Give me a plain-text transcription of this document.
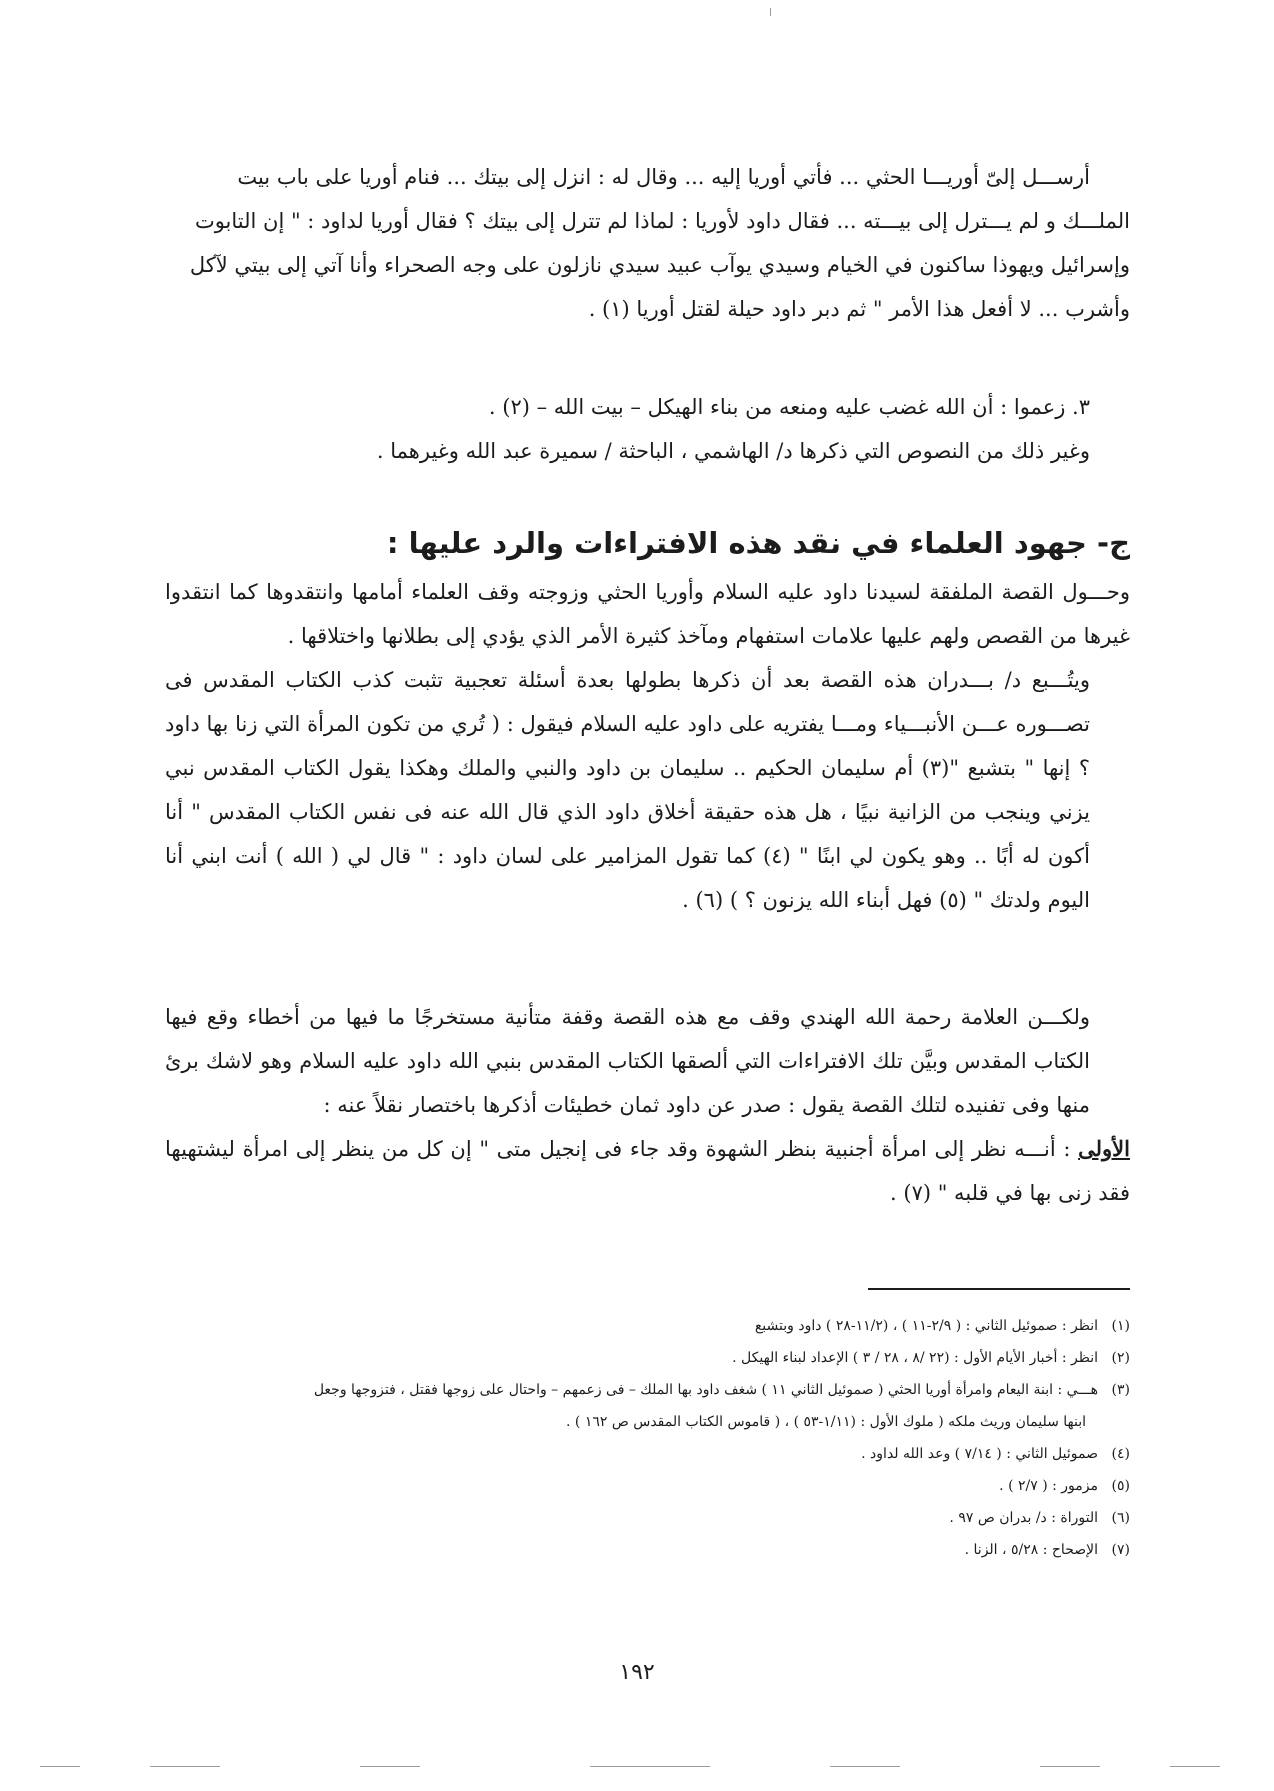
أرســـل إلىّ أوريـــا الحثي ... فأتي أوريا إليه ... وقال له : انزل إلى بيتك ... فنام أوريا على باب بيت

الملـــك و لم يـــترل إلى بيـــته ... فقال داود لأوريا : لماذا لم تترل إلى بيتك ؟ فقال أوريا لداود : " إن التابوت

وإسرائيل ويهوذا ساكنون في الخيام وسيدي يوآب عبيد سيدي نازلون على وجه الصحراء وأنا آتي إلى بيتي لآكل

وأشرب ... لا أفعل هذا الأمر " ثم دبر داود حيلة لقتل أوريا (١) .

٣. زعموا : أن الله غضب عليه ومنعه من بناء الهيكل – بيت الله – (٢) .

وغير ذلك من النصوص التي ذكرها د/ الهاشمي ، الباحثة / سميرة عبد الله وغيرهما .

ج- جهود العلماء في نقد هذه الافتراءات والرد عليها :

وحـــول القصة الملفقة لسيدنا داود عليه السلام وأوريا الحثي وزوجته وقف العلماء أمامها وانتقدوها كما انتقدوا غيرها من القصص ولهم عليها علامات استفهام ومآخذ كثيرة الأمر الذي يؤدي إلى بطلانها واختلاقها .

ويتُـــبع د/ بـــدران هذه القصة بعد أن ذكرها بطولها بعدة أسئلة تعجبية تثبت كذب الكتاب المقدس فى تصـــوره عـــن الأنبـــياء ومـــا يفتريه على داود عليه السلام فيقول : ( تُري من تكون المرأة التي زنا بها داود ؟ إنها " بتشبع "(٣) أم سليمان الحكيم .. سليمان بن داود والنبي والملك وهكذا يقول الكتاب المقدس نبي يزني وينجب من الزانية نبيًا ، هل هذه حقيقة أخلاق داود الذي قال الله عنه فى نفس الكتاب المقدس " أنا أكون له أبًا .. وهو يكون لي ابنًا " (٤) كما تقول المزامير على لسان داود : " قال لي ( الله ) أنت ابني أنا اليوم ولدتك " (٥) فهل أبناء الله يزنون ؟ ) (٦) .

ولكـــن العلامة رحمة الله الهندي وقف مع هذه القصة وقفة متأنية مستخرجًا ما فيها من أخطاء وقع فيها الكتاب المقدس وبيَّن تلك الافتراءات التي ألصقها الكتاب المقدس بنبي الله داود عليه السلام وهو لاشك برئ منها وفى تفنيده لتلك القصة يقول : صدر عن داود ثمان خطيئات أذكرها باختصار نقلاً عنه :

الأولى : أنـــه نظر إلى امرأة أجنبية بنظر الشهوة وقد جاء فى إنجيل متى " إن كل من ينظر إلى امرأة ليشتهيها فقد زنى بها في قلبه " (٧) .

(١)انظر : صموئيل الثاني : ( ٢/٩-١١ ) ، (١١/٢-٢٨ ) داود وبتشبع

(٢)انظر : أخبار الأيام الأول : (٢٢ /٨ ، ٢٨ / ٣ ) الإعداد لبناء الهيكل .

(٣)هـــي : ابنة اليعام وامرأة أوريا الحثي ( صموئيل الثاني ١١ ) شغف داود بها الملك – فى زعمهم – واحتال على زوجها فقتل ، فتزوجها وجعل
ابنها سليمان وريث ملكه ( ملوك الأول : (١/١١-٥٣ ) ، ( قاموس الكتاب المقدس ص ١٦٢ ) .

(٤)صموئيل الثاني : ( ٧/١٤ ) وعد الله لداود .

(٥)مزمور : ( ٢/٧ ) .

(٦)التوراة : د/ بدران ص ٩٧ .

(٧)الإصحاح : ٥/٢٨ ، الزنا .

١٩٢
